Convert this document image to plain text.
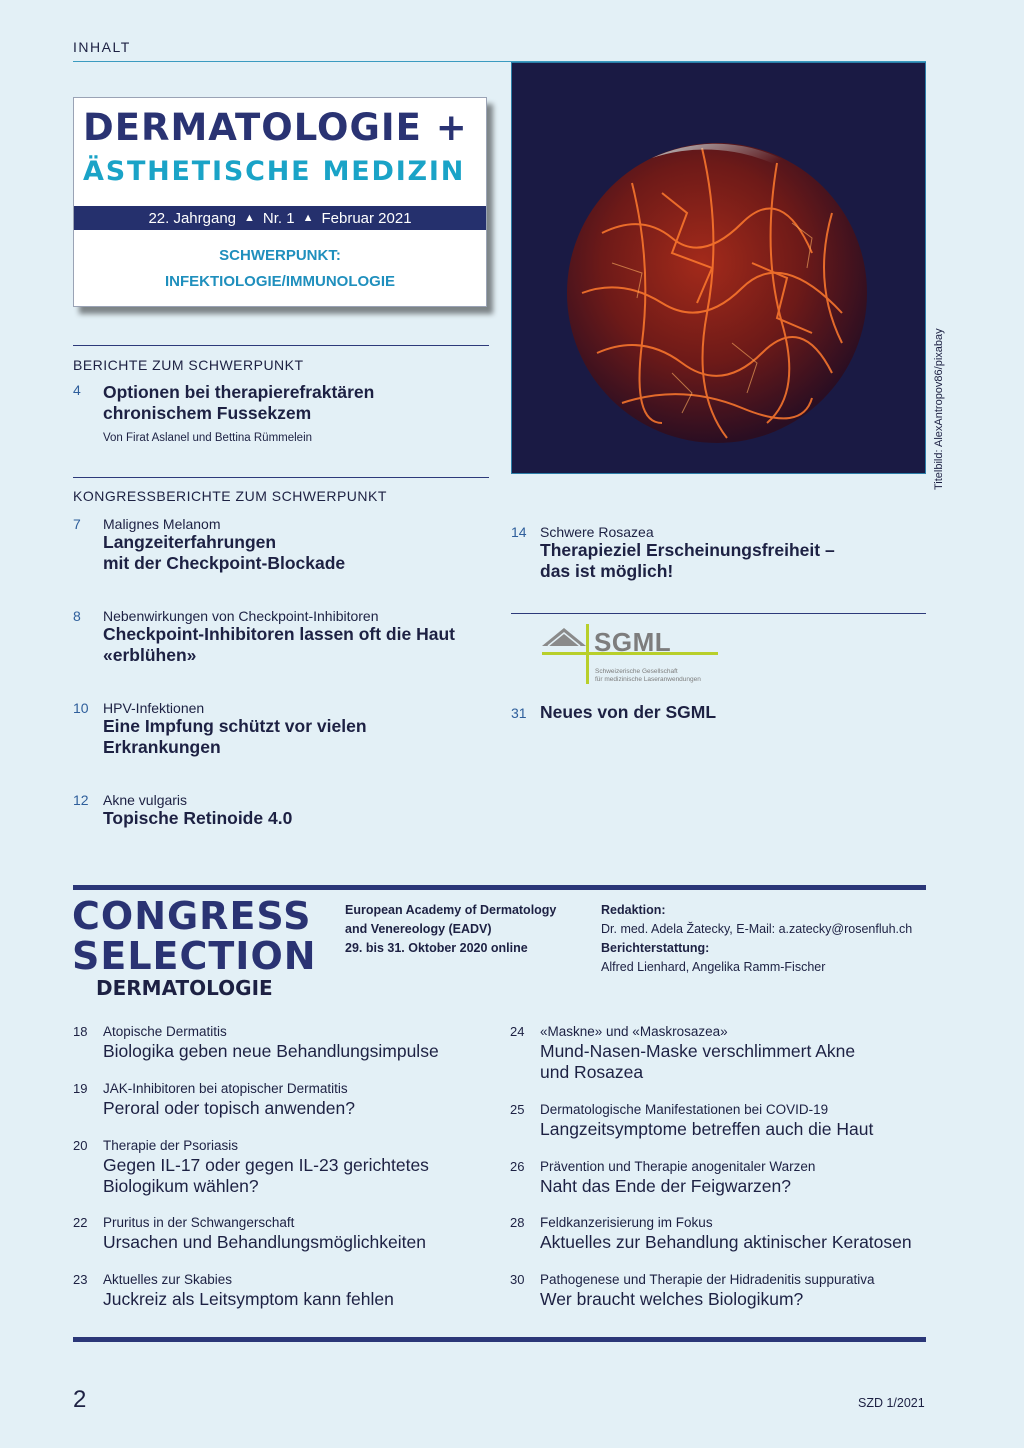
INHALT
DERMATOLOGIE +
ÄSTHETISCHE MEDIZIN
22. Jahrgang ▲ Nr. 1 ▲ Februar 2021
SCHWERPUNKT:
INFEKTIOLOGIE/IMMUNOLOGIE
Titelbild: AlexAntropov86/pixabay
BERICHTE ZUM SCHWERPUNKT
4 Optionen bei therapierefraktären
chronischem Fussekzem
Von Firat Aslanel und Bettina Rümmelein
KONGRESSBERICHTE ZUM SCHWERPUNKT
7 Malignes Melanom
Langzeiterfahrungen
mit der Checkpoint-Blockade
8 Nebenwirkungen von Checkpoint-Inhibitoren
Checkpoint-Inhibitoren lassen oft die Haut
«erblühen»
10 HPV-Infektionen
Eine Impfung schützt vor vielen
Erkrankungen
12 Akne vulgaris
Topische Retinoide 4.0
14 Schwere Rosazea
Therapieziel Erscheinungsfreiheit –
das ist möglich!
SGML
Schweizerische Gesellschaft
für medizinische Laseranwendungen
31 Neues von der SGML
CONGRESS
SELECTION
DERMATOLOGIE
European Academy of Dermatology
and Venereology (EADV)
29. bis 31. Oktober 2020 online
Redaktion:
Dr. med. Adela Žatecky, E-Mail: a.zatecky@rosenfluh.ch
Berichterstattung:
Alfred Lienhard, Angelika Ramm-Fischer
18 Atopische Dermatitis
Biologika geben neue Behandlungsimpulse
19 JAK-Inhibitoren bei atopischer Dermatitis
Peroral oder topisch anwenden?
20 Therapie der Psoriasis
Gegen IL-17 oder gegen IL-23 gerichtetes
Biologikum wählen?
22 Pruritus in der Schwangerschaft
Ursachen und Behandlungsmöglichkeiten
23 Aktuelles zur Skabies
Juckreiz als Leitsymptom kann fehlen
24 «Maskne» und «Maskrosazea»
Mund-Nasen-Maske verschlimmert Akne
und Rosazea
25 Dermatologische Manifestationen bei COVID-19
Langzeitsymptome betreffen auch die Haut
26 Prävention und Therapie anogenitaler Warzen
Naht das Ende der Feigwarzen?
28 Feldkanzerisierung im Fokus
Aktuelles zur Behandlung aktinischer Keratosen
30 Pathogenese und Therapie der Hidradenitis suppurativa
Wer braucht welches Biologikum?
2	SZD 1/2021
